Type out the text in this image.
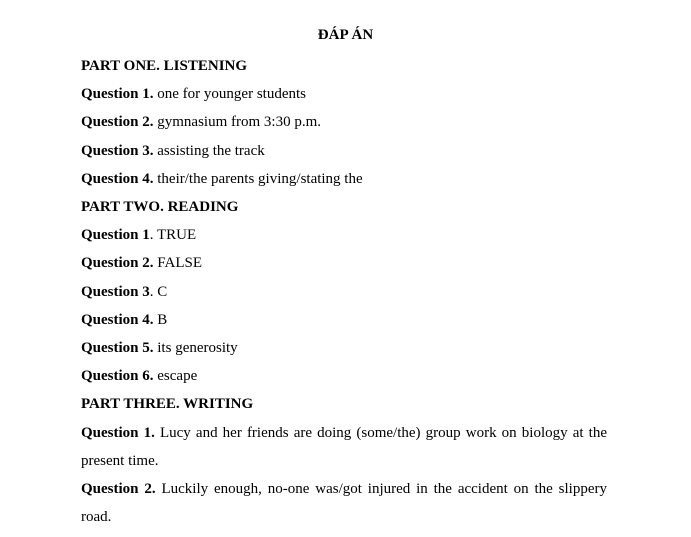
ĐÁP ÁN
PART ONE. LISTENING
Question 1. one for younger students
Question 2. gymnasium from 3:30 p.m.
Question 3. assisting the track
Question 4. their/the parents giving/stating the
PART TWO. READING
Question 1. TRUE
Question 2. FALSE
Question 3. C
Question 4. B
Question 5. its generosity
Question 6. escape
PART THREE. WRITING
Question 1. Lucy and her friends are doing (some/the) group work on biology at the present time.
Question 2. Luckily enough, no-one was/got injured in the accident on the slippery road.
